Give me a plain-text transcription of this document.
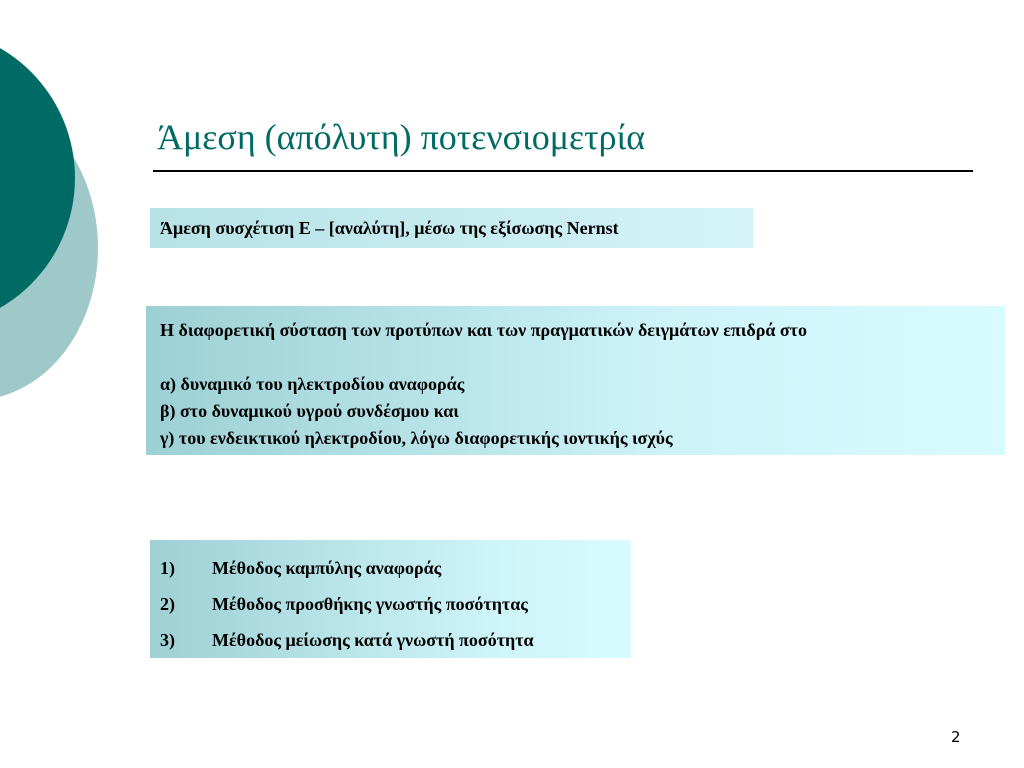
Άμεση (απόλυτη) ποτενσιομετρία
Άμεση συσχέτιση Ε – [αναλύτη], μέσω της εξίσωσης Nernst
Η διαφορετική σύσταση των προτύπων και των πραγματικών δειγμάτων επιδρά στο
α) δυναμικό του ηλεκτροδίου αναφοράς
β) στο δυναμικού υγρού συνδέσμου και
γ) του ενδεικτικού ηλεκτροδίου, λόγω διαφορετικής ιοντικής ισχύς
1) Μέθοδος καμπύλης αναφοράς
2) Μέθοδος προσθήκης γνωστής ποσότητας
3) Μέθοδος μείωσης κατά γνωστή ποσότητα
2
